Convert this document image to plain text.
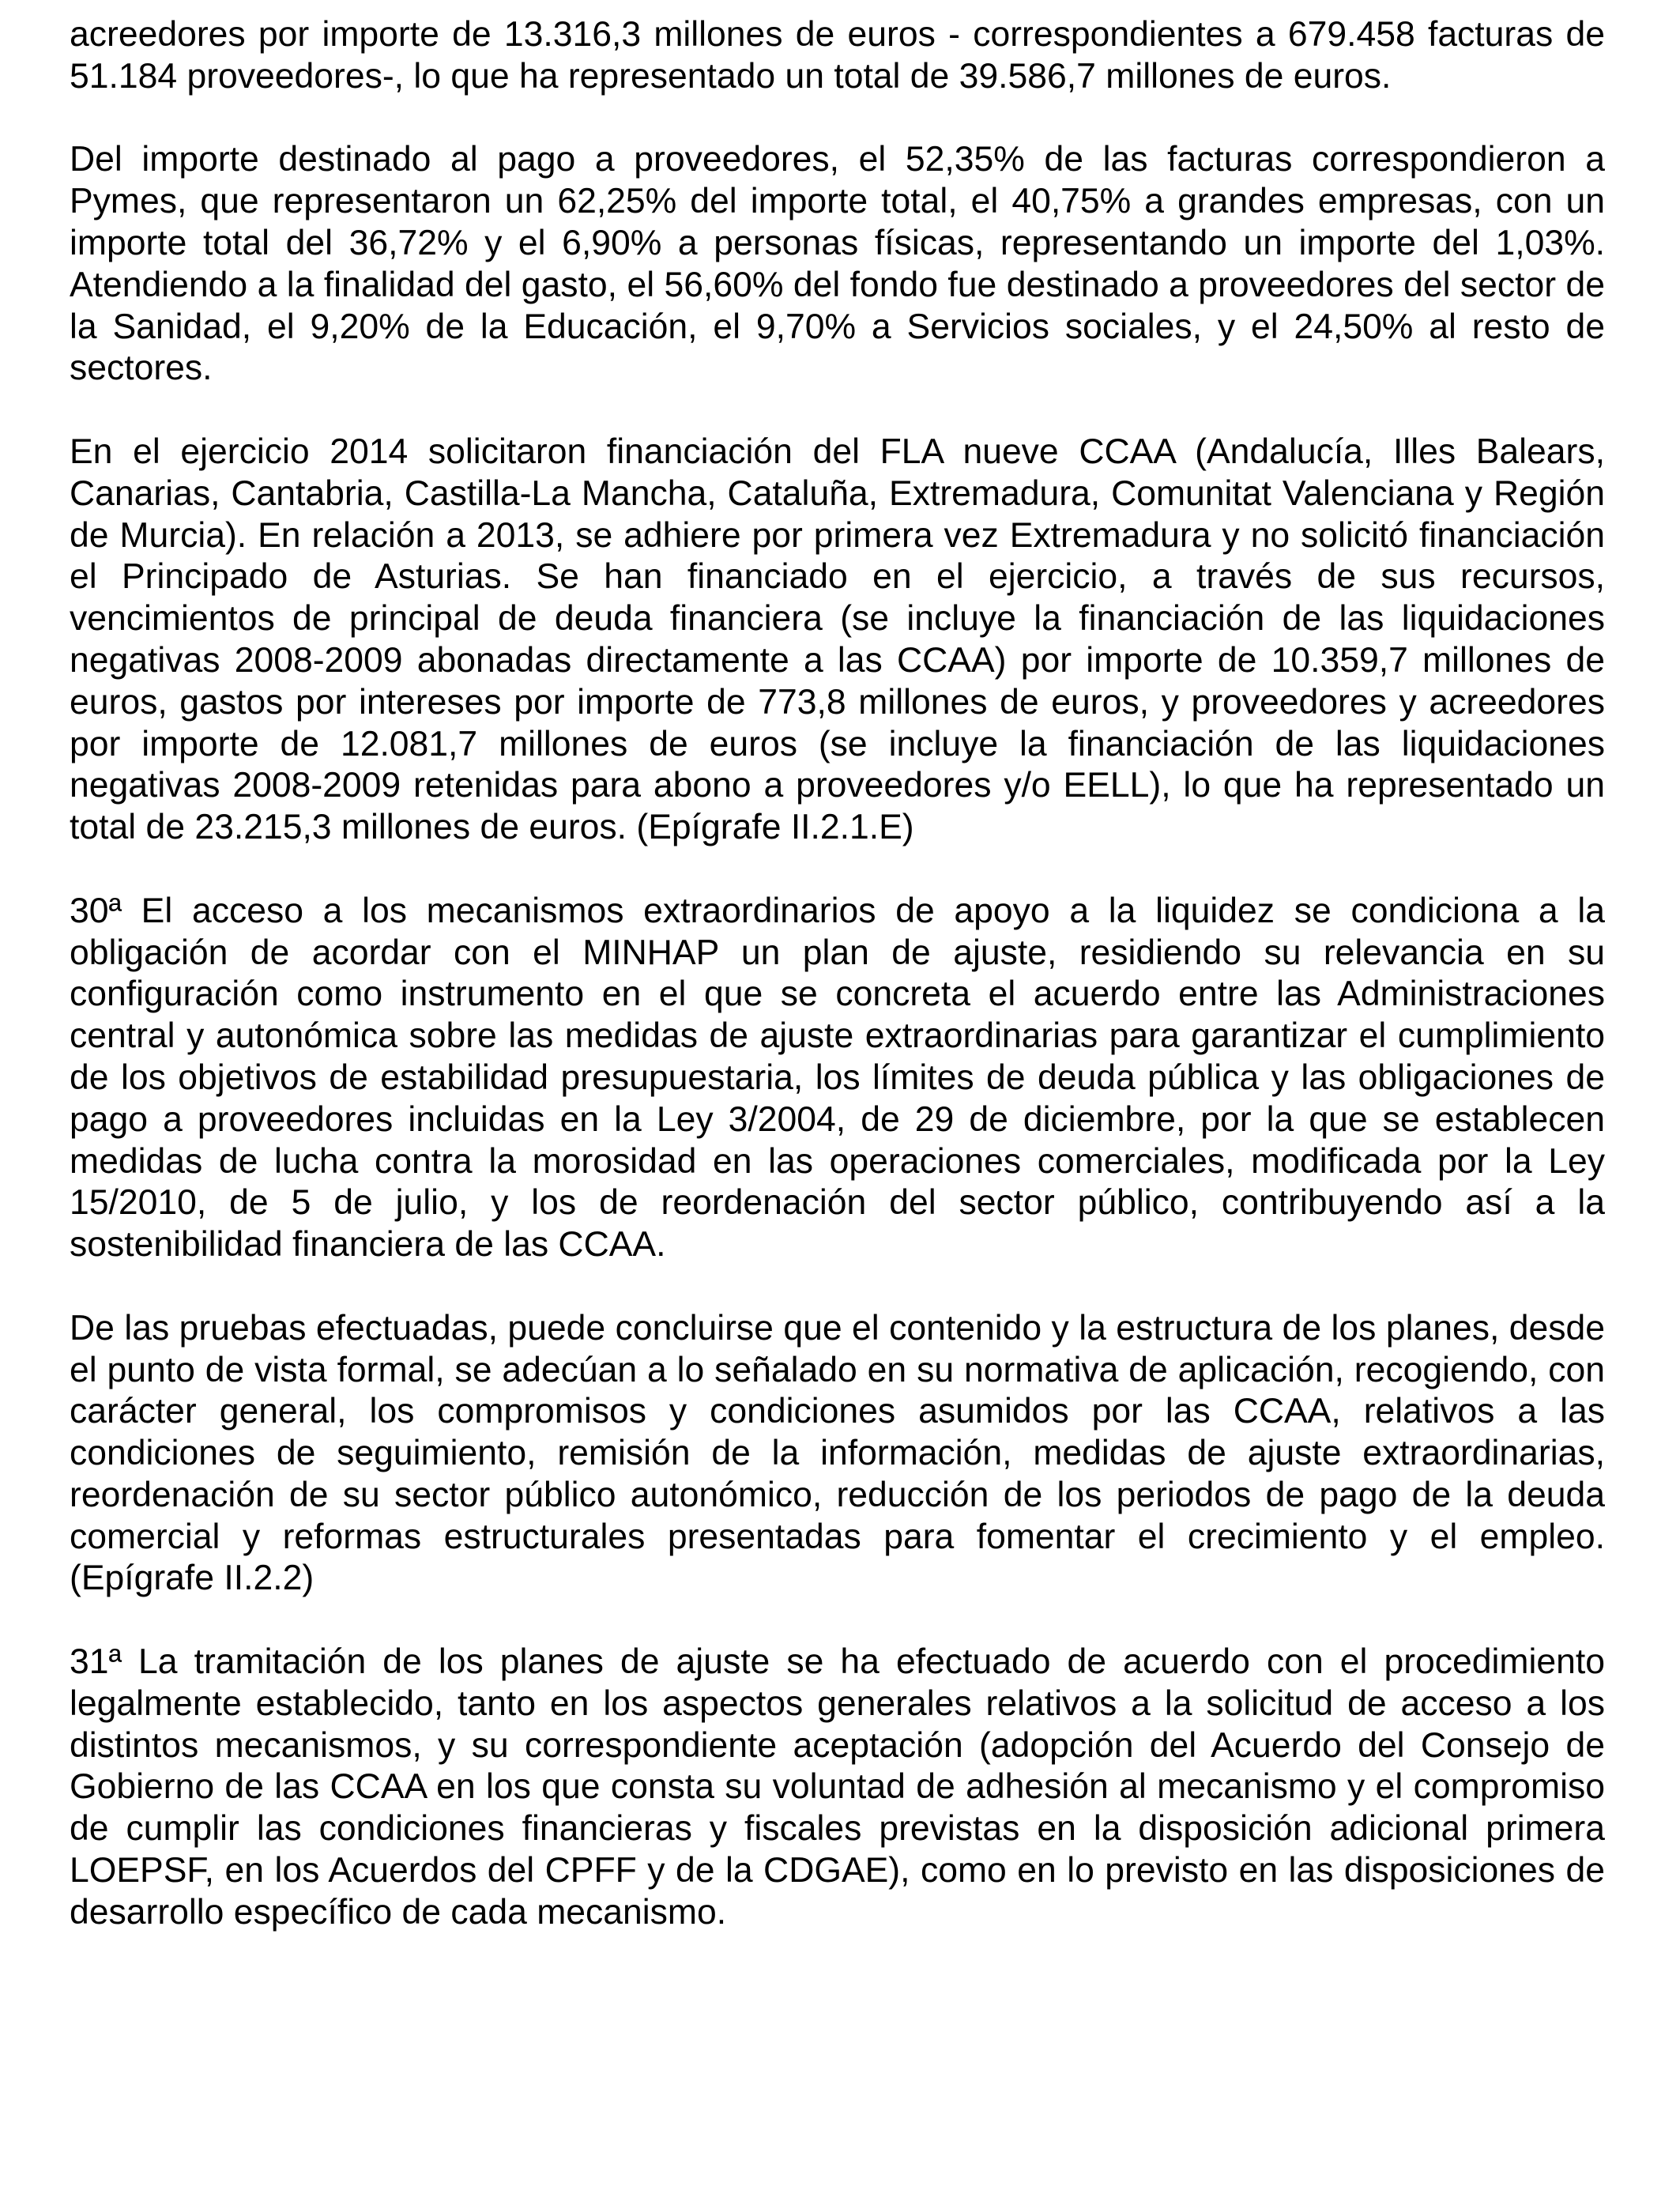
acreedores por importe de 13.316,3 millones de euros - correspondientes a 679.458 facturas de 51.184 proveedores-, lo que ha representado un total de 39.586,7 millones de euros.

Del importe destinado al pago a proveedores, el 52,35% de las facturas correspondieron a Pymes, que representaron un 62,25% del importe total, el 40,75% a grandes empresas, con un importe total del 36,72% y el 6,90% a personas físicas, representando un importe del 1,03%. Atendiendo a la finalidad del gasto, el 56,60% del fondo fue destinado a proveedores del sector de la Sanidad, el 9,20% de la Educación, el 9,70% a Servicios sociales, y el 24,50% al resto de sectores.

En el ejercicio 2014 solicitaron financiación del FLA nueve CCAA (Andalucía, Illes Balears, Canarias, Cantabria, Castilla-La Mancha, Cataluña, Extremadura, Comunitat Valenciana y Región de Murcia). En relación a 2013, se adhiere por primera vez Extremadura y no solicitó financiación el Principado de Asturias. Se han financiado en el ejercicio, a través de sus recursos, vencimientos de principal de deuda financiera (se incluye la financiación de las liquidaciones negativas 2008-2009 abonadas directamente a las CCAA) por importe de 10.359,7 millones de euros, gastos por intereses por importe de 773,8 millones de euros, y proveedores y acreedores por importe de 12.081,7 millones de euros (se incluye la financiación de las liquidaciones negativas 2008-2009 retenidas para abono a proveedores y/o EELL), lo que ha representado un total de 23.215,3 millones de euros. (Epígrafe II.2.1.E)

30ª El acceso a los mecanismos extraordinarios de apoyo a la liquidez se condiciona a la obligación de acordar con el MINHAP un plan de ajuste, residiendo su relevancia en su configuración como instrumento en el que se concreta el acuerdo entre las Administraciones central y autonómica sobre las medidas de ajuste extraordinarias para garantizar el cumplimiento de los objetivos de estabilidad presupuestaria, los límites de deuda pública y las obligaciones de pago a proveedores incluidas en la Ley 3/2004, de 29 de diciembre, por la que se establecen medidas de lucha contra la morosidad en las operaciones comerciales, modificada por la Ley 15/2010, de 5 de julio, y los de reordenación del sector público, contribuyendo así a la sostenibilidad financiera de las CCAA.

De las pruebas efectuadas, puede concluirse que el contenido y la estructura de los planes, desde el punto de vista formal, se adecúan a lo señalado en su normativa de aplicación, recogiendo, con carácter general, los compromisos y condiciones asumidos por las CCAA, relativos a las condiciones de seguimiento, remisión de la información, medidas de ajuste extraordinarias, reordenación de su sector público autonómico, reducción de los periodos de pago de la deuda comercial y reformas estructurales presentadas para fomentar el crecimiento y el empleo. (Epígrafe II.2.2)

31ª La tramitación de los planes de ajuste se ha efectuado de acuerdo con el procedimiento legalmente establecido, tanto en los aspectos generales relativos a la solicitud de acceso a los distintos mecanismos, y su correspondiente aceptación (adopción del Acuerdo del Consejo de Gobierno de las CCAA en los que consta su voluntad de adhesión al mecanismo y el compromiso de cumplir las condiciones financieras y fiscales previstas en la disposición adicional primera LOEPSF, en los Acuerdos del CPFF y de la CDGAE), como en lo previsto en las disposiciones de desarrollo específico de cada mecanismo.
